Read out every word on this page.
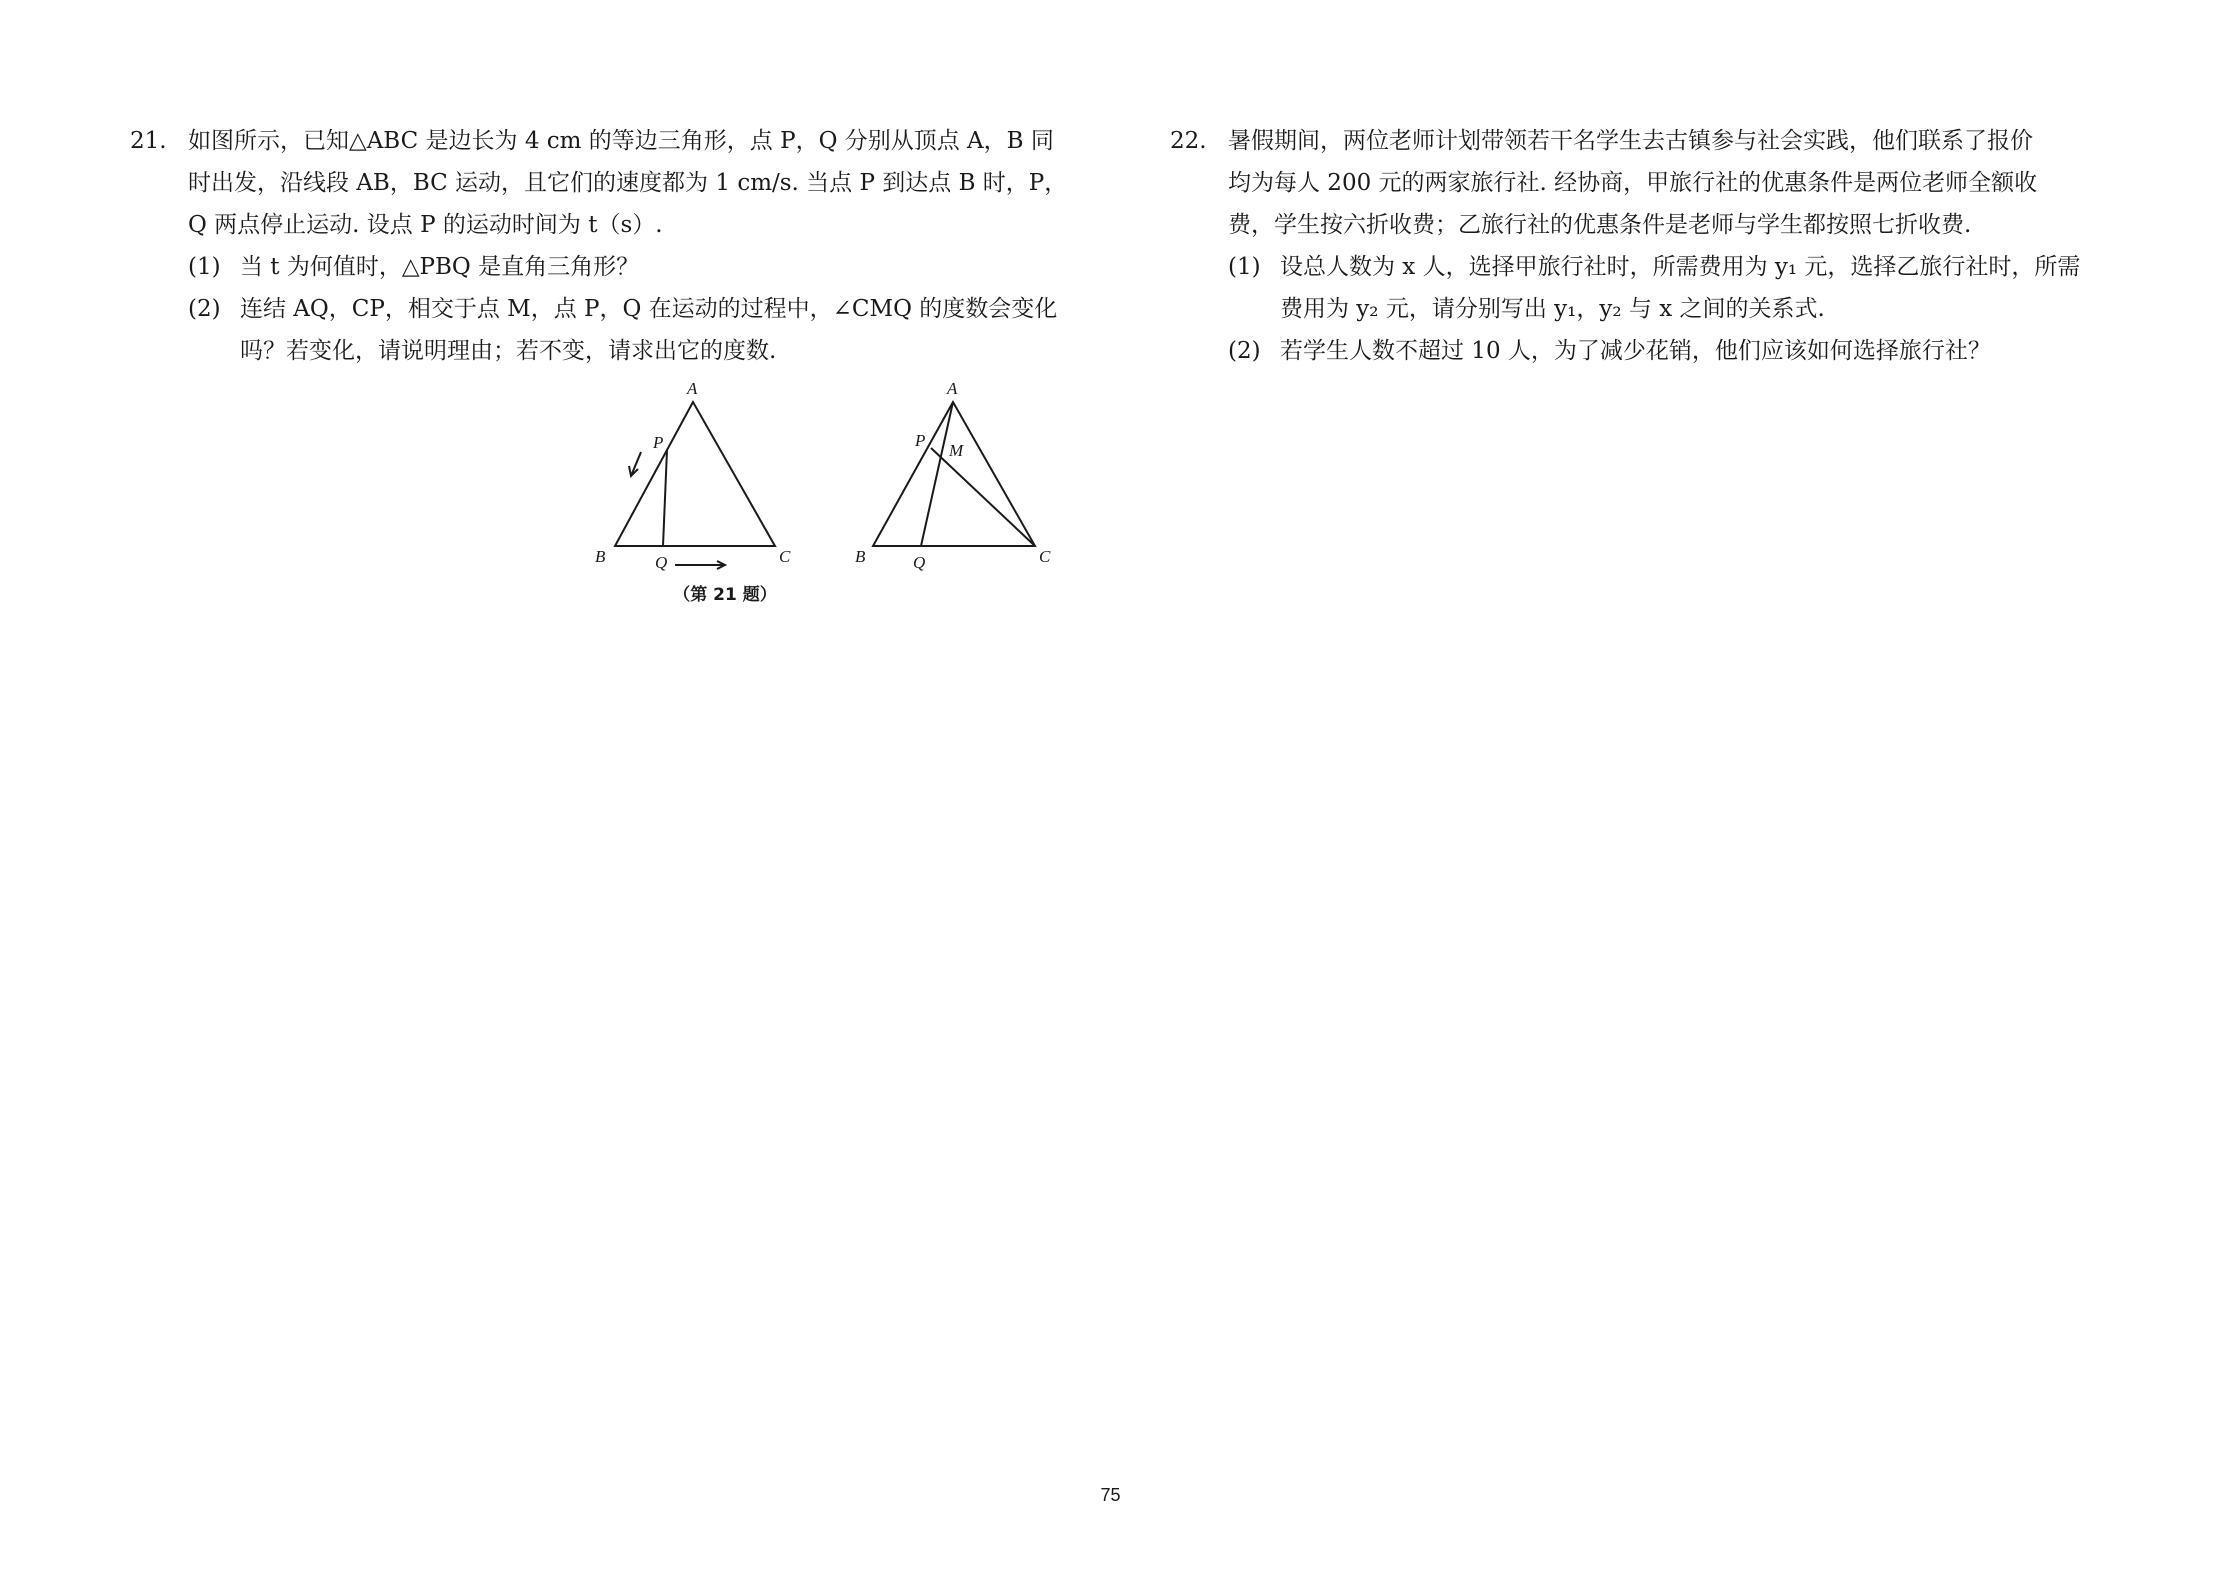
21. 如图所示，已知△ABC 是边长为 4 cm 的等边三角形，点 P，Q 分别从顶点 A，B 同
时出发，沿线段 AB，BC 运动，且它们的速度都为 1 cm/s. 当点 P 到达点 B 时，P，
Q 两点停止运动. 设点 P 的运动时间为 t（s）.
(1) 当 t 为何值时，△PBQ 是直角三角形？
(2) 连结 AQ，CP，相交于点 M，点 P，Q 在运动的过程中，∠CMQ 的度数会变化
吗？若变化，请说明理由；若不变，请求出它的度数.
A
P
B	Q	C
A
P
M
B	Q	C
（第 21 题）
22. 暑假期间，两位老师计划带领若干名学生去古镇参与社会实践，他们联系了报价
均为每人 200 元的两家旅行社. 经协商，甲旅行社的优惠条件是两位老师全额收
费，学生按六折收费；乙旅行社的优惠条件是老师与学生都按照七折收费.
(1) 设总人数为 x 人，选择甲旅行社时，所需费用为 y₁ 元，选择乙旅行社时，所需
费用为 y₂ 元，请分别写出 y₁，y₂ 与 x 之间的关系式.
(2) 若学生人数不超过 10 人，为了减少花销，他们应该如何选择旅行社？
75
